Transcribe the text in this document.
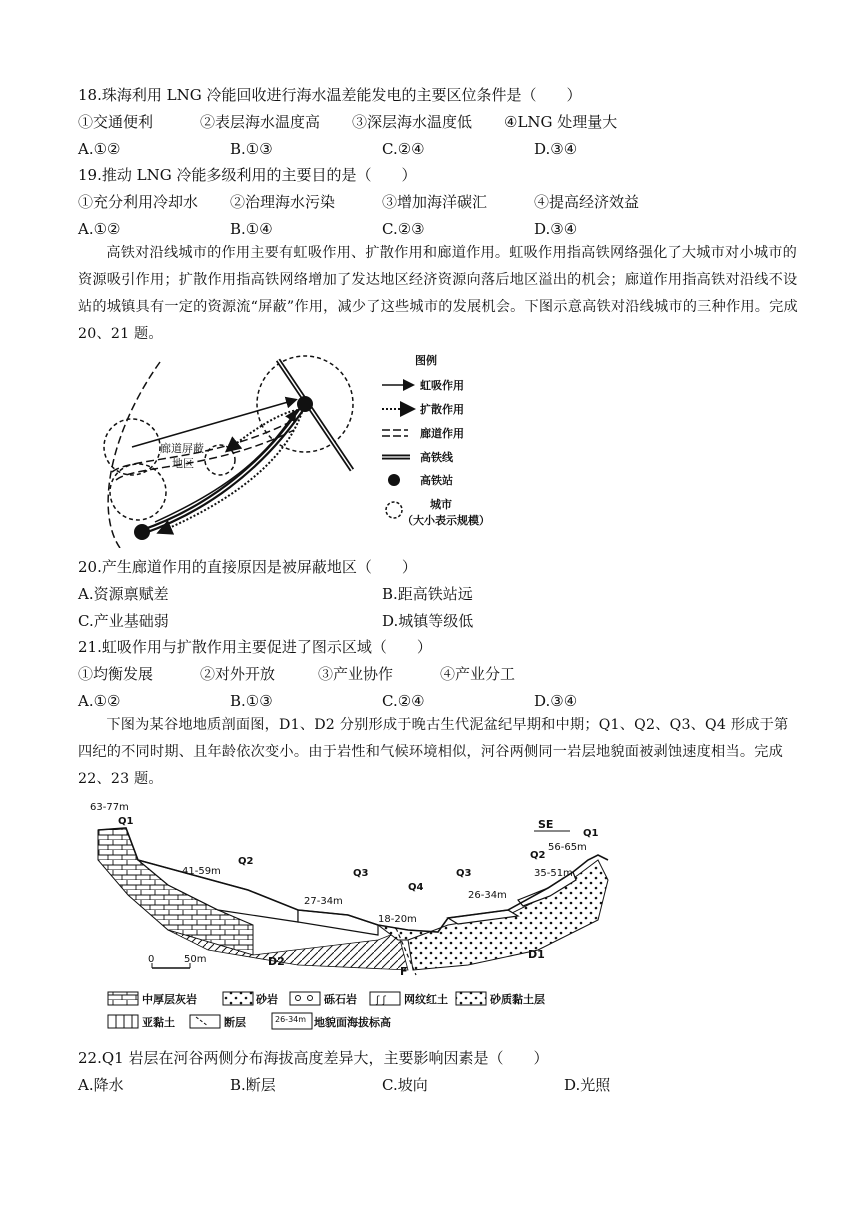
18.珠海利用 LNG 冷能回收进行海水温差能发电的主要区位条件是（　　）
①交通便利	②表层海水温度高 ③深层海水温度低 ④LNG 处理量大
A.①②	B.①③	C.②④	D.③④
19.推动 LNG 冷能多级利用的主要目的是（　　）
①充分利用冷却水 ②治理海水污染	③增加海洋碳汇	④提高经济效益
A.①②	B.①④	C.②③	D.③④
高铁对沿线城市的作用主要有虹吸作用、扩散作用和廊道作用。虹吸作用指高铁网络强化了大城市对小城市的资源吸引作用；扩散作用指高铁网络增加了发达地区经济资源向落后地区溢出的机会；廊道作用指高铁对沿线不设站的城镇具有一定的资源流“屏蔽”作用，减少了这些城市的发展机会。下图示意高铁对沿线城市的三种作用。完成 20、21 题。
廊道屏蔽
地区
图例
虹吸作用
扩散作用
廊道作用
高铁线
高铁站
城市
（大小表示规模）
20.产生廊道作用的直接原因是被屏蔽地区（　　）
A.资源禀赋差	B.距高铁站远
C.产业基础弱	D.城镇等级低
21.虹吸作用与扩散作用主要促进了图示区域（　　）
①均衡发展	②对外开放	③产业协作	④产业分工
A.①②	B.①③	C.②④	D.③④
下图为某谷地地质剖面图，D1、D2 分别形成于晚古生代泥盆纪早期和中期；Q1、Q2、Q3、Q4 形成于第四纪的不同时期、且年龄依次变小。由于岩性和气候环境相似，河谷两侧同一岩层地貌面被剥蚀速度相当。完成 22、23 题。
63-77m
Q1
41-59m
Q2
27-34m
Q3
Q4
18-20m
Q3
26-34m
Q2
35-51m
56-65m
Q1
SE
D2
D1
F
0	50m
中厚层灰岩	砂岩	砾石岩 ʃ ʃ 网纹红土	砂质黏土层
亚黏土	断层	26-34m 地貌面海拔标高
22.Q1 岩层在河谷两侧分布海拔高度差异大，主要影响因素是（　　）
A.降水	B.断层	C.坡向	D.光照
